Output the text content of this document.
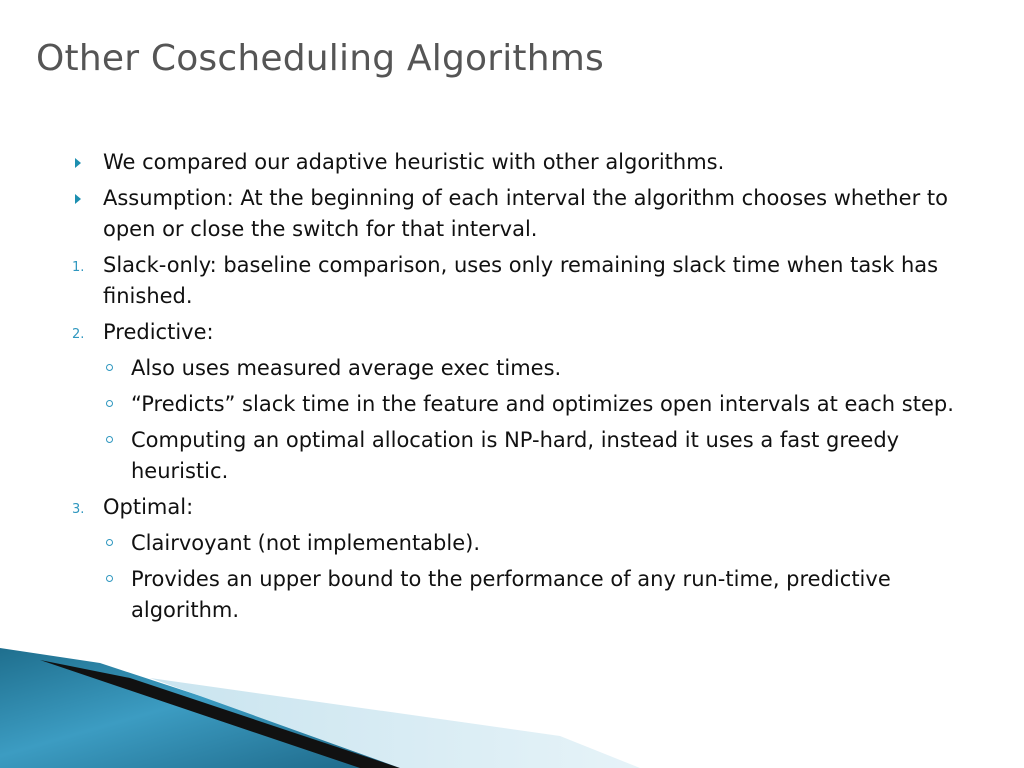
Other Coscheduling Algorithms
We compared our adaptive heuristic with other algorithms.
Assumption: At the beginning of each interval the algorithm chooses whether to open or close the switch for that interval.
1. Slack-only: baseline comparison, uses only remaining slack time when task has finished.
2. Predictive:
Also uses measured average exec times.
“Predicts” slack time in the feature and optimizes open intervals at each step.
Computing an optimal allocation is NP-hard, instead it uses a fast greedy heuristic.
3. Optimal:
Clairvoyant (not implementable).
Provides an upper bound to the performance of any run-time, predictive algorithm.
